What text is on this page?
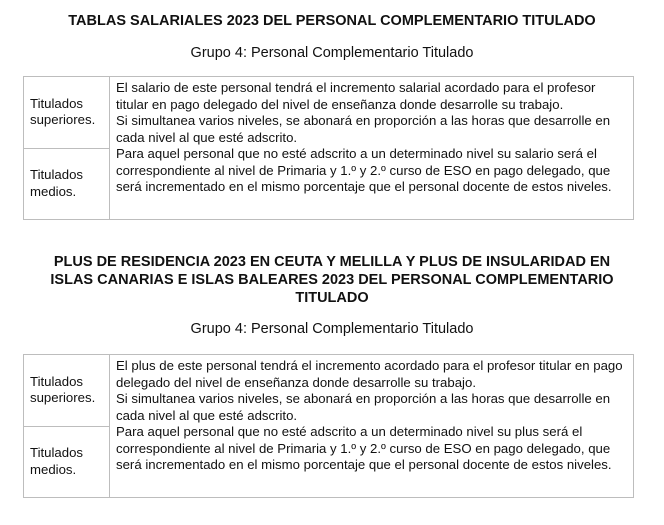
TABLAS SALARIALES 2023 DEL PERSONAL COMPLEMENTARIO TITULADO
Grupo 4: Personal Complementario Titulado
Titulados superiores.
Titulados medios.

El salario de este personal tendrá el incremento salarial acordado para el profesor titular en pago delegado del nivel de enseñanza donde desarrolle su trabajo.

Si simultanea varios niveles, se abonará en proporción a las horas que desarrolle en cada nivel al que esté adscrito.

Para aquel personal que no esté adscrito a un determinado nivel su salario será el correspondiente al nivel de Primaria y 1.º y 2.º curso de ESO en pago delegado, que será incrementado en el mismo porcentaje que el personal docente de estos niveles.

PLUS DE RESIDENCIA 2023 EN CEUTA Y MELILLA Y PLUS DE INSULARIDAD EN
ISLAS CANARIAS E ISLAS BALEARES 2023 DEL PERSONAL COMPLEMENTARIO
TITULADO
Grupo 4: Personal Complementario Titulado
Titulados superiores.
Titulados medios.

El plus de este personal tendrá el incremento acordado para el profesor titular en pago delegado del nivel de enseñanza donde desarrolle su trabajo.

Si simultanea varios niveles, se abonará en proporción a las horas que desarrolle en cada nivel al que esté adscrito.

Para aquel personal que no esté adscrito a un determinado nivel su plus será el correspondiente al nivel de Primaria y 1.º y 2.º curso de ESO en pago delegado, que será incrementado en el mismo porcentaje que el personal docente de estos niveles.
